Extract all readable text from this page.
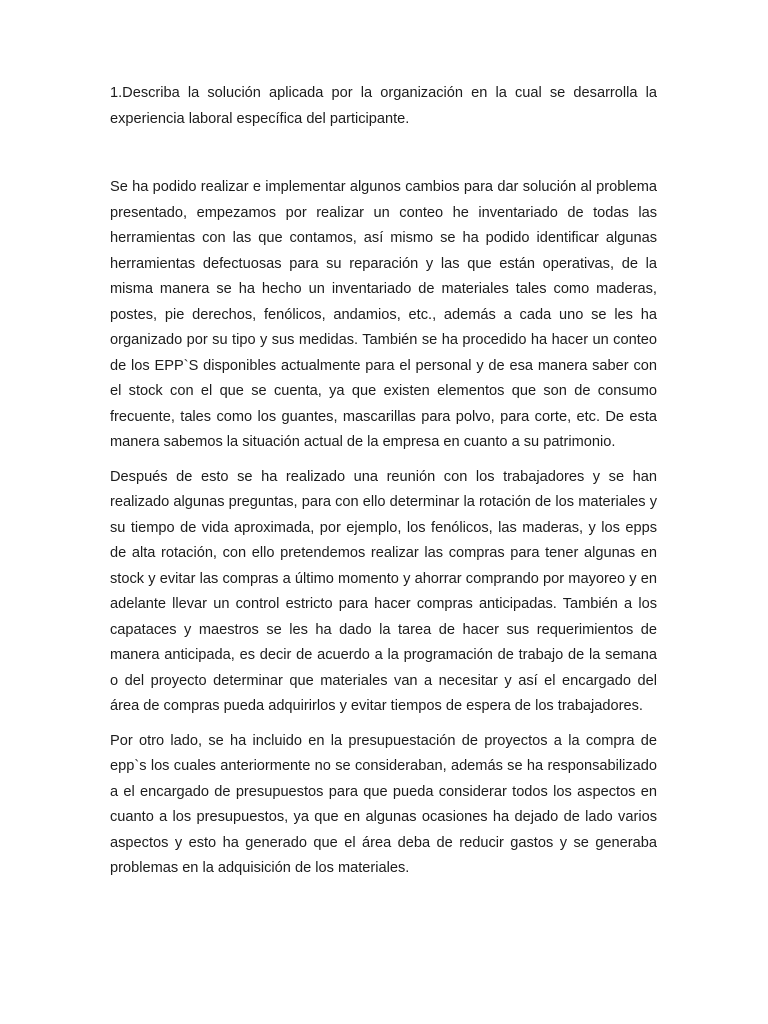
1.Describa la solución aplicada por la organización en la cual se desarrolla la experiencia laboral específica del participante.

Se ha podido realizar e implementar algunos cambios para dar solución al problema presentado, empezamos por realizar un conteo he inventariado de todas las herramientas con las que contamos, así mismo se ha podido identificar algunas herramientas defectuosas para su reparación y las que están operativas, de la misma manera se ha hecho un inventariado de materiales tales como maderas, postes, pie derechos, fenólicos, andamios, etc., además a cada uno se les ha organizado por su tipo y sus medidas. También se ha procedido ha hacer un conteo de los EPP`S disponibles actualmente para el personal y de esa manera saber con el stock con el que se cuenta, ya que existen elementos que son de consumo frecuente, tales como los guantes, mascarillas para polvo, para corte, etc. De esta manera sabemos la situación actual de la empresa en cuanto a su patrimonio.

Después de esto se ha realizado una reunión con los trabajadores y se han realizado algunas preguntas, para con ello determinar la rotación de los materiales y su tiempo de vida aproximada, por ejemplo, los fenólicos, las maderas, y los epps de alta rotación, con ello pretendemos realizar las compras para tener algunas en stock y evitar las compras a último momento y ahorrar comprando por mayoreo y en adelante llevar un control estricto para hacer compras anticipadas. También a los capataces y maestros se les ha dado la tarea de hacer sus requerimientos de manera anticipada, es decir de acuerdo a la programación de trabajo de la semana o del proyecto determinar que materiales van a necesitar y así el encargado del área de compras pueda adquirirlos y evitar tiempos de espera de los trabajadores.

Por otro lado, se ha incluido en la presupuestación de proyectos a la compra de epp`s los cuales anteriormente no se consideraban, además se ha responsabilizado a el encargado de presupuestos para que pueda considerar todos los aspectos en cuanto a los presupuestos, ya que en algunas ocasiones ha dejado de lado varios aspectos y esto ha generado que el área deba de reducir gastos y se generaba problemas en la adquisición de los materiales.
